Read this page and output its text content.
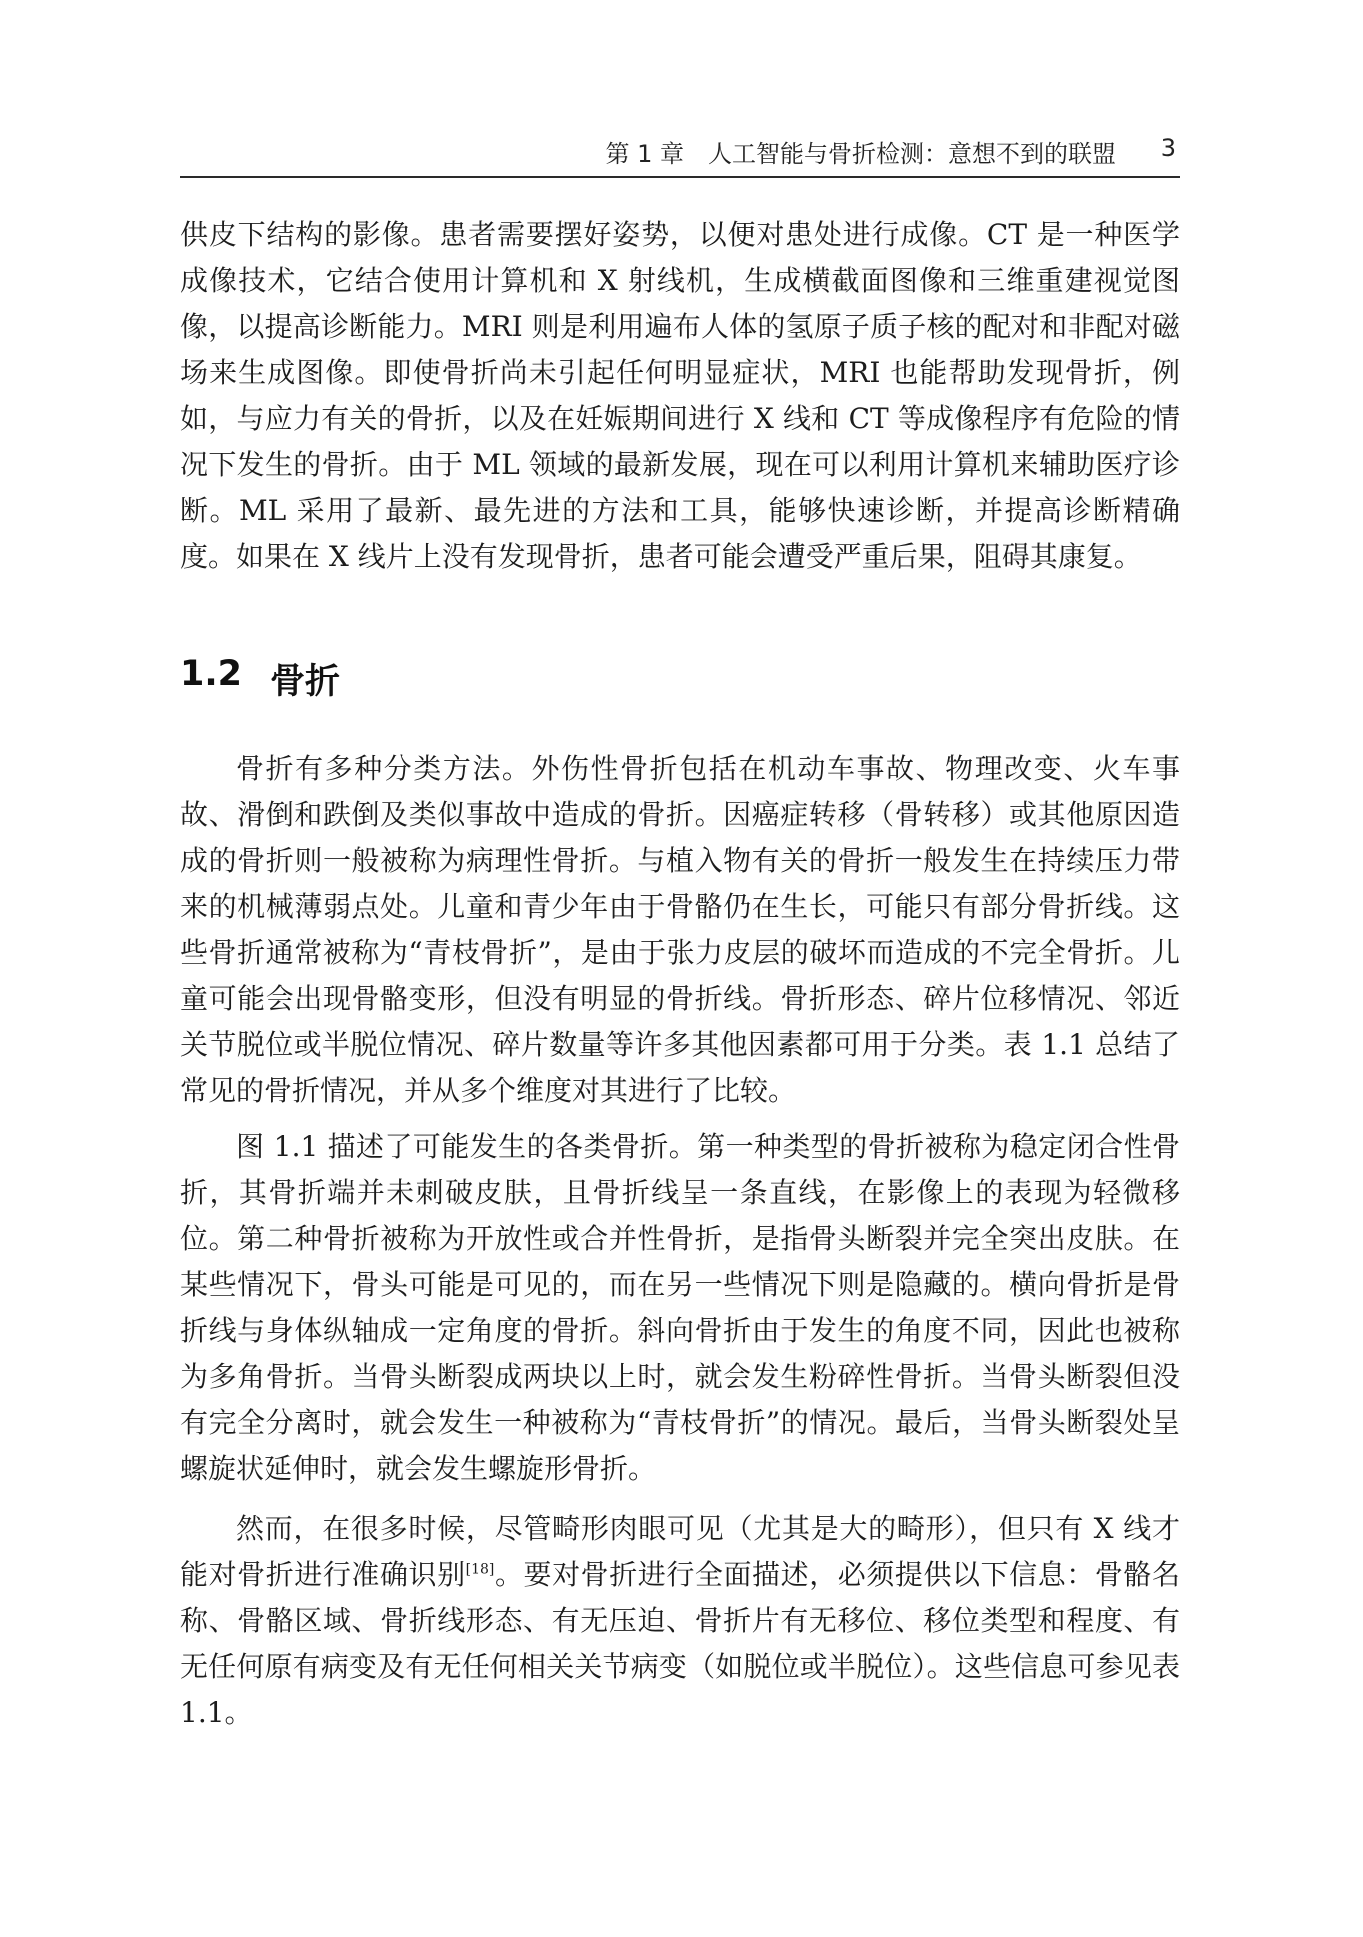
第 1 章　人工智能与骨折检测：意想不到的联盟 3

供皮下结构的影像。患者需要摆好姿势，以便对患处进行成像。CT 是一种医学成像技术，它结合使用计算机和 X 射线机，生成横截面图像和三维重建视觉图像，以提高诊断能力。MRI 则是利用遍布人体的氢原子质子核的配对和非配对磁场来生成图像。即使骨折尚未引起任何明显症状，MRI 也能帮助发现骨折，例如，与应力有关的骨折，以及在妊娠期间进行 X 线和 CT 等成像程序有危险的情况下发生的骨折。由于 ML 领域的最新发展，现在可以利用计算机来辅助医疗诊断。ML 采用了最新、最先进的方法和工具，能够快速诊断，并提高诊断精确度。如果在 X 线片上没有发现骨折，患者可能会遭受严重后果，阻碍其康复。

1.2 骨折

骨折有多种分类方法。外伤性骨折包括在机动车事故、物理改变、火车事故、滑倒和跌倒及类似事故中造成的骨折。因癌症转移（骨转移）或其他原因造成的骨折则一般被称为病理性骨折。与植入物有关的骨折一般发生在持续压力带来的机械薄弱点处。儿童和青少年由于骨骼仍在生长，可能只有部分骨折线。这些骨折通常被称为“青枝骨折”，是由于张力皮层的破坏而造成的不完全骨折。儿童可能会出现骨骼变形，但没有明显的骨折线。骨折形态、碎片位移情况、邻近关节脱位或半脱位情况、碎片数量等许多其他因素都可用于分类。表 1.1 总结了常见的骨折情况，并从多个维度对其进行了比较。

图 1.1 描述了可能发生的各类骨折。第一种类型的骨折被称为稳定闭合性骨折，其骨折端并未刺破皮肤，且骨折线呈一条直线，在影像上的表现为轻微移位。第二种骨折被称为开放性或合并性骨折，是指骨头断裂并完全突出皮肤。在某些情况下，骨头可能是可见的，而在另一些情况下则是隐藏的。横向骨折是骨折线与身体纵轴成一定角度的骨折。斜向骨折由于发生的角度不同，因此也被称为多角骨折。当骨头断裂成两块以上时，就会发生粉碎性骨折。当骨头断裂但没有完全分离时，就会发生一种被称为“青枝骨折”的情况。最后，当骨头断裂处呈螺旋状延伸时，就会发生螺旋形骨折。

然而，在很多时候，尽管畸形肉眼可见（尤其是大的畸形），但只有 X 线才能对骨折进行准确识别[18]。要对骨折进行全面描述，必须提供以下信息：骨骼名称、骨骼区域、骨折线形态、有无压迫、骨折片有无移位、移位类型和程度、有无任何原有病变及有无任何相关关节病变（如脱位或半脱位）。这些信息可参见表 1.1。
